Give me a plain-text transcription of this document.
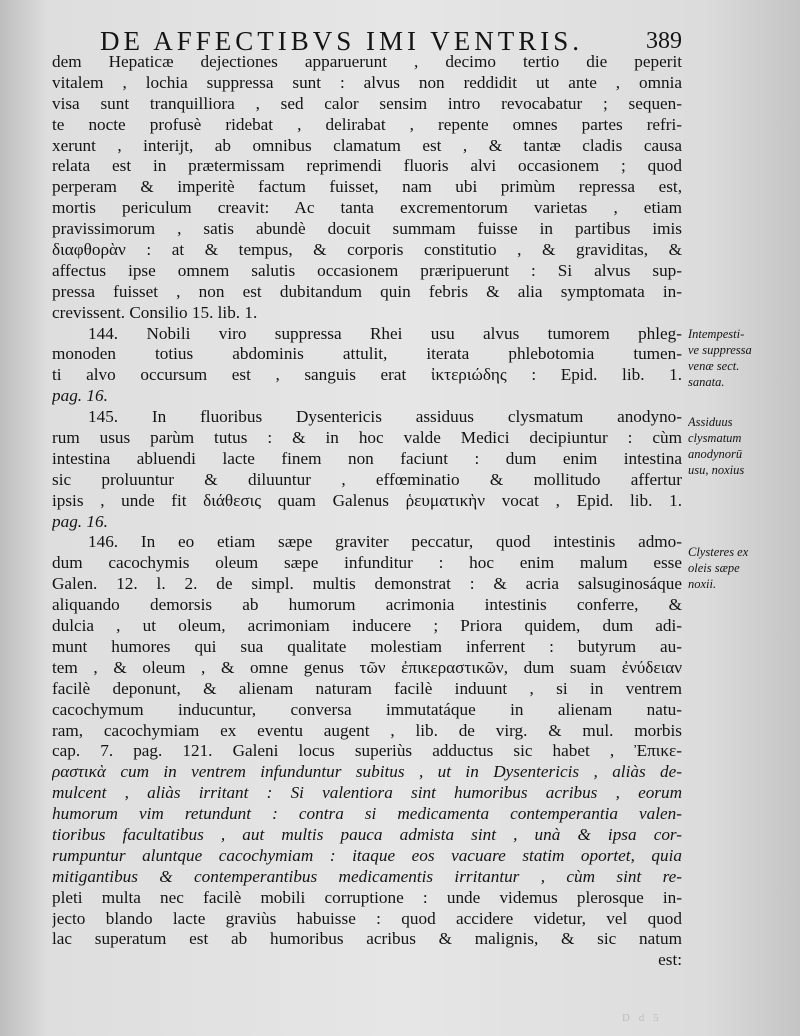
DE AFFECTIBVS IMI VENTRIS.	389
dem Hepaticæ dejectiones apparuerunt , decimo tertio die peperit
vitalem , lochia suppressa sunt : alvus non reddidit ut ante , omnia
visa sunt tranquilliora , sed calor sensim intro revocabatur ; sequen-
te nocte profusè ridebat , delirabat , repente omnes partes refri-
xerunt , interijt, ab omnibus clamatum est , & tantæ cladis causa
relata est in prætermissam reprimendi fluoris alvi occasionem ; quod
perperam & imperitè factum fuisset, nam ubi primùm repressa est,
mortis periculum creavit: Ac tanta excrementorum varietas , etiam
pravissimorum , satis abundè docuit summam fuisse in partibus imis
διαφθορὰν : at & tempus, & corporis constitutio , & graviditas, &
affectus ipse omnem salutis occasionem præripuerunt : Si alvus sup-
pressa fuisset , non est dubitandum quin febris & alia symptomata in-
crevissent. Consilio 15. lib. 1.
144. Nobili viro suppressa Rhei usu alvus tumorem phleg-
monoden totius abdominis attulit, iterata phlebotomia tumen-
ti alvo occursum est , sanguis erat ἰκτεριώδης : Epid. lib. 1.
pag. 16.
145. In fluoribus Dysentericis assiduus clysmatum anodyno-
rum usus parùm tutus : & in hoc valde Medici decipiuntur : cùm
intestina abluendi lacte finem non faciunt : dum enim intestina
sic proluuntur & diluuntur , effœminatio & mollitudo affertur
ipsis , unde fit διάθεσις quam Galenus ῥευματικὴν vocat , Epid. lib. 1.
pag. 16.
146. In eo etiam sæpe graviter peccatur, quod intestinis admo-
dum cacochymis oleum sæpe infunditur : hoc enim malum esse
Galen. 12. l. 2. de simpl. multis demonstrat : & acria salsuginosáque
aliquando demorsis ab humorum acrimonia intestinis conferre, &
dulcia , ut oleum, acrimoniam inducere ; Priora quidem, dum adi-
munt humores qui sua qualitate molestiam inferrent : butyrum au-
tem , & oleum , & omne genus τῶν ἐπικεραστικῶν, dum suam ἐνύδειαν
facilè deponunt, & alienam naturam facilè induunt , si in ventrem
cacochymum inducuntur, conversa immutatáque in alienam natu-
ram, cacochymiam ex eventu augent , lib. de virg. & mul. morbis
cap. 7. pag. 121. Galeni locus superiùs adductus sic habet , Ἐπικε-
ραστικὰ cum in ventrem infunduntur subitus , ut in Dysentericis , aliàs de-
mulcent , aliàs irritant : Si valentiora sint humoribus acribus , eorum
humorum vim retundunt : contra si medicamenta contemperantia valen-
tioribus facultatibus , aut multis pauca admista sint , unà & ipsa cor-
rumpuntur aluntque cacochymiam : itaque eos vacuare statim oportet, quia
mitigantibus & contemperantibus medicamentis irritantur , cùm sint re-
pleti multa nec facilè mobili corruptione : unde videmus plerosque in-
jecto blando lacte graviùs habuisse : quod accidere videtur, vel quod
lac superatum est ab humoribus acribus & malignis, & sic natum
est:
Intempesti-
ve suppressa
venæ sect.
sanata.
Assiduus
clysmatum
anodynorū
usu, noxius
Clysteres ex
oleis sæpe
noxii.
D d 5
